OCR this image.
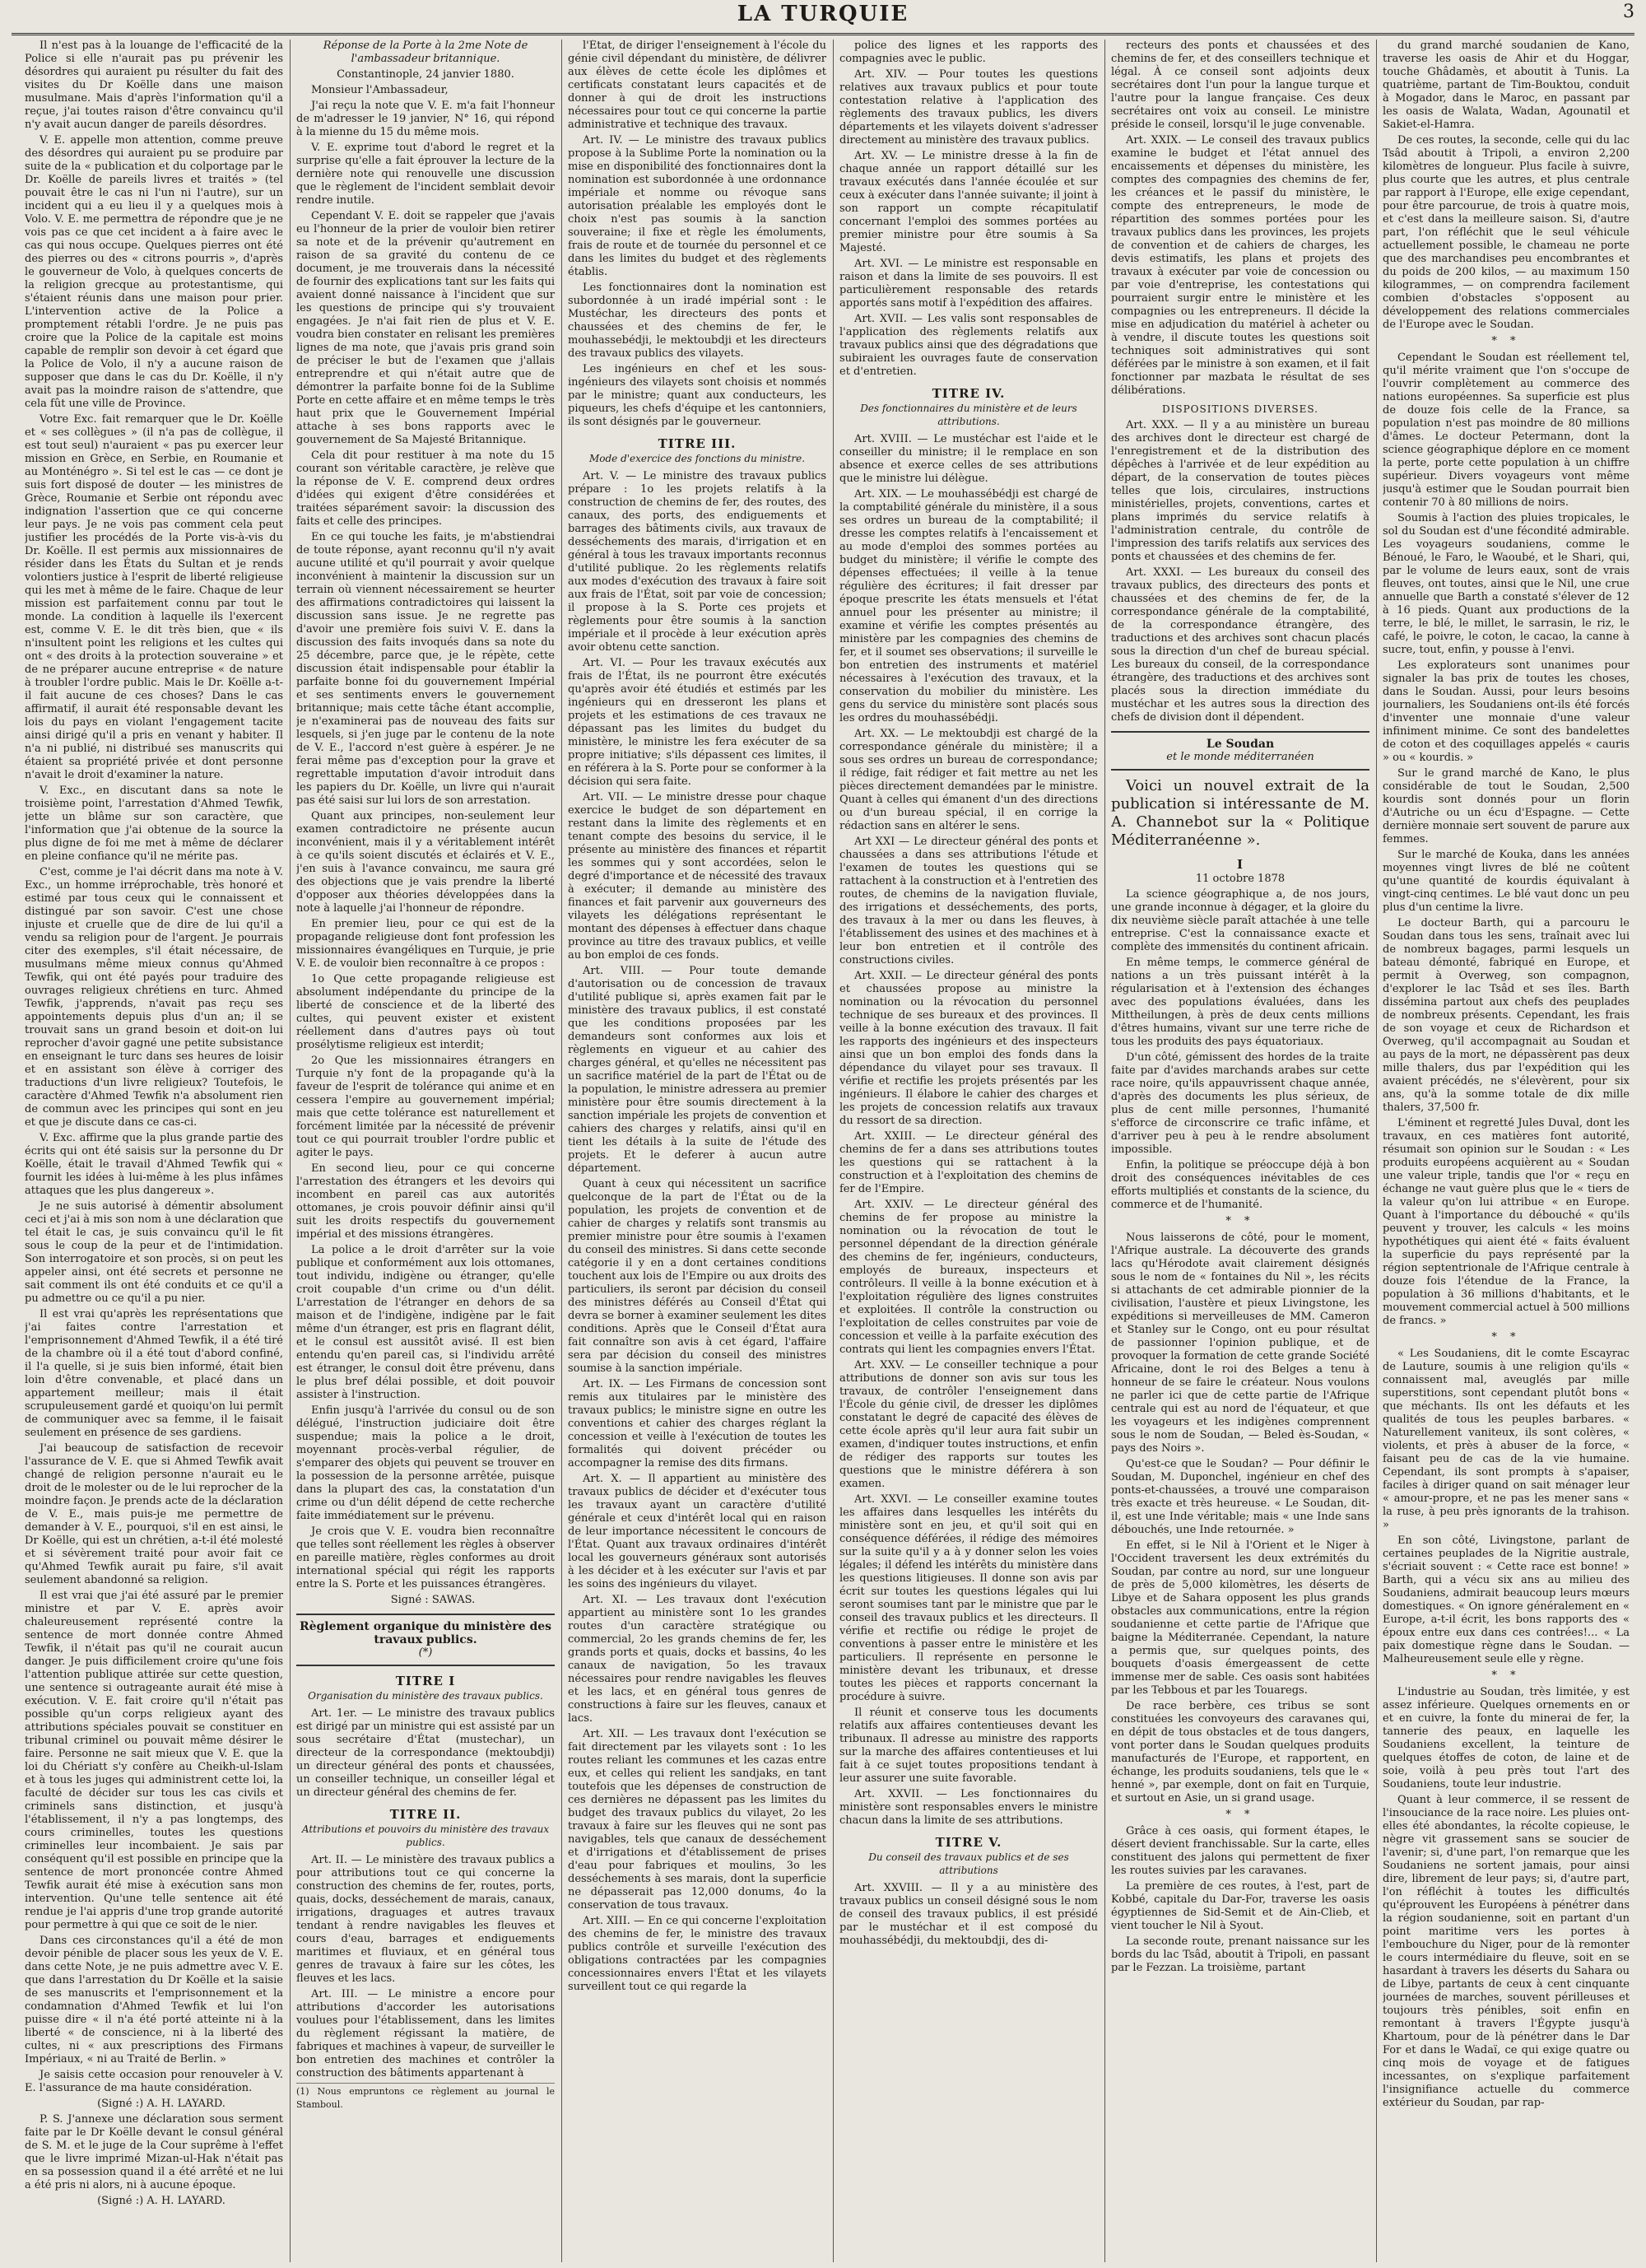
LA TURQUIE	3

Il n'est pas à la louange de l'efficacité de la Police si elle n'aurait pas pu prévenir les désordres qui auraient pu résulter du fait des visites du Dr Koëlle dans une maison musulmane. Mais d'après l'information qu'il a reçue, j'ai toutes raison d'être convaincu qu'il n'y avait aucun danger de pareils désordres.

V. E. appelle mon attention, comme preuve des désordres qui auraient pu se produire par suite de la « publication et du colportage par le Dr. Koëlle de pareils livres et traités » (tel pouvait être le cas ni l'un ni l'autre), sur un incident qui a eu lieu il y a quelques mois à Volo. V. E. me permettra de répondre que je ne vois pas ce que cet incident a à faire avec le cas qui nous occupe. Quelques pierres ont été des pierres ou des « citrons pourris », d'après le gouverneur de Volo, à quelques concerts de la religion grecque au protestantisme, qui s'étaient réunis dans une maison pour prier. L'intervention active de la Police a promptement rétabli l'ordre. Je ne puis pas croire que la Police de la capitale est moins capable de remplir son devoir à cet égard que la Police de Volo, il n'y a aucune raison de supposer que dans le cas du Dr. Koëlle, il n'y avait pas la moindre raison de s'attendre, que cela fût une ville de Province.

Votre Exc. fait remarquer que le Dr. Koëlle et « ses collègues » (il n'a pas de collègue, il est tout seul) n'auraient « pas pu exercer leur mission en Grèce, en Serbie, en Roumanie et au Monténégro ». Si tel est le cas — ce dont je suis fort disposé de douter — les ministres de Grèce, Roumanie et Serbie ont répondu avec indignation l'assertion que ce qui concerne leur pays. Je ne vois pas comment cela peut justifier les procédés de la Porte vis-à-vis du Dr. Koëlle. Il est permis aux missionnaires de résider dans les États du Sultan et je rends volontiers justice à l'esprit de liberté religieuse qui les met à même de le faire. Chaque de leur mission est parfaitement connu par tout le monde. La condition à laquelle ils l'exercent est, comme V. E. le dit très bien, que « ils n'insultent point les religions et les cultes qui ont « des droits à la protection souveraine » et de ne préparer aucune entreprise « de nature à troubler l'ordre public. Mais le Dr. Koëlle a-t-il fait aucune de ces choses? Dans le cas affirmatif, il aurait été responsable devant les lois du pays en violant l'engagement tacite ainsi dirigé qu'il a pris en venant y habiter. Il n'a ni publié, ni distribué ses manuscrits qui étaient sa propriété privée et dont personne n'avait le droit d'examiner la nature.

V. Exc., en discutant dans sa note le troisième point, l'arrestation d'Ahmed Tewfik, jette un blâme sur son caractère, que l'information que j'ai obtenue de la source la plus digne de foi me met à même de déclarer en pleine confiance qu'il ne mérite pas.

C'est, comme je l'ai décrit dans ma note à V. Exc., un homme irréprochable, très honoré et estimé par tous ceux qui le connaissent et distingué par son savoir. C'est une chose injuste et cruelle que de dire de lui qu'il a vendu sa religion pour de l'argent. Je pourrais citer des exemples, s'il était nécessaire, de musulmans même mieux connus qu'Ahmed Tewfik, qui ont été payés pour traduire des ouvrages religieux chrétiens en turc. Ahmed Tewfik, j'apprends, n'avait pas reçu ses appointements depuis plus d'un an; il se trouvait sans un grand besoin et doit-on lui reprocher d'avoir gagné une petite subsistance en enseignant le turc dans ses heures de loisir et en assistant son élève à corriger des traductions d'un livre religieux? Toutefois, le caractère d'Ahmed Tewfik n'a absolument rien de commun avec les principes qui sont en jeu et que je discute dans ce cas-ci.

V. Exc. affirme que la plus grande partie des écrits qui ont été saisis sur la personne du Dr Koëlle, était le travail d'Ahmed Tewfik qui « fournit les idées à lui-même à les plus infâmes attaques que les plus dangereux ».

Je ne suis autorisé à démentir absolument ceci et j'ai à mis son nom à une déclaration que tel était le cas, je suis convaincu qu'il le fit sous le coup de la peur et de l'intimidation. Son interrogatoire et son procès, si on peut les appeler ainsi, ont été secrets et personne ne sait comment ils ont été conduits et ce qu'il a pu admettre ou ce qu'il a pu nier.

Il est vrai qu'après les représentations que j'ai faites contre l'arrestation et l'emprisonnement d'Ahmed Tewfik, il a été tiré de la chambre où il a été tout d'abord confiné, il l'a quelle, si je suis bien informé, était bien loin d'être convenable, et placé dans un appartement meilleur; mais il était scrupuleusement gardé et quoiqu'on lui permît de communiquer avec sa femme, il le faisait seulement en présence de ses gardiens.

J'ai beaucoup de satisfaction de recevoir l'assurance de V. E. que si Ahmed Tewfik avait changé de religion personne n'aurait eu le droit de le molester ou de le lui reprocher de la moindre façon. Je prends acte de la déclaration de V. E., mais puis-je me permettre de demander à V. E., pourquoi, s'il en est ainsi, le Dr Koëlle, qui est un chrétien, a-t-il été molesté et si sévèrement traité pour avoir fait ce qu'Ahmed Tewfik aurait pu faire, s'il avait seulement abandonné sa religion.

Il est vrai que j'ai été assuré par le premier ministre et par V. E. après avoir chaleureusement représenté contre la sentence de mort donnée contre Ahmed Tewfik, il n'était pas qu'il ne courait aucun danger. Je puis difficilement croire qu'une fois l'attention publique attirée sur cette question, une sentence si outrageante aurait été mise à exécution. V. E. fait croire qu'il n'était pas possible qu'un corps religieux ayant des attributions spéciales pouvait se constituer en tribunal criminel ou pouvait même désirer le faire. Personne ne sait mieux que V. E. que la loi du Chériatt s'y confère au Cheikh-ul-Islam et à tous les juges qui administrent cette loi, la faculté de décider sur tous les cas civils et criminels sans distinction, et jusqu'à l'établissement, il n'y a pas longtemps, des cours criminelles, toutes les questions criminelles leur incombaient. Je sais par conséquent qu'il est possible en principe que la sentence de mort prononcée contre Ahmed Tewfik aurait été mise à exécution sans mon intervention. Qu'une telle sentence ait été rendue je l'ai appris d'une trop grande autorité pour permettre à qui que ce soit de le nier.

Dans ces circonstances qu'il a été de mon devoir pénible de placer sous les yeux de V. E. dans cette Note, je ne puis admettre avec V. E. que dans l'arrestation du Dr Koëlle et la saisie de ses manuscrits et l'emprisonnement et la condamnation d'Ahmed Tewfik et lui l'on puisse dire « il n'a été porté atteinte ni à la liberté « de conscience, ni à la liberté des cultes, ni « aux prescriptions des Firmans Impériaux, « ni au Traité de Berlin. »

Je saisis cette occasion pour renouveler à V. E. l'assurance de ma haute considération.

(Signé :) A. H. LAYARD.

P. S. J'annexe une déclaration sous serment faite par le Dr Koëlle devant le consul général de S. M. et le juge de la Cour suprême à l'effet que le livre imprimé Mizan-ul-Hak n'était pas en sa possession quand il a été arrêté et ne lui a été pris ni alors, ni à aucune époque.

(Signé :) A. H. LAYARD.

Réponse de la Porte à la 2me Note de l'ambassadeur britannique.

Constantinople, 24 janvier 1880.

Monsieur l'Ambassadeur,

J'ai reçu la note que V. E. m'a fait l'honneur de m'adresser le 19 janvier, N° 16, qui répond à la mienne du 15 du même mois.

V. E. exprime tout d'abord le regret et la surprise qu'elle a fait éprouver la lecture de la dernière note qui renouvelle une discussion que le règlement de l'incident semblait devoir rendre inutile.

Cependant V. E. doit se rappeler que j'avais eu l'honneur de la prier de vouloir bien retirer sa note et de la prévenir qu'autrement en raison de sa gravité du contenu de ce document, je me trouverais dans la nécessité de fournir des explications tant sur les faits qui avaient donné naissance à l'incident que sur les questions de principe qui s'y trouvaient engagées. Je n'ai fait rien de plus et V. E. voudra bien constater en relisant les premières lignes de ma note, que j'avais pris grand soin de préciser le but de l'examen que j'allais entreprendre et qui n'était autre que de démontrer la parfaite bonne foi de la Sublime Porte en cette affaire et en même temps le très haut prix que le Gouvernement Impérial attache à ses bons rapports avec le gouvernement de Sa Majesté Britannique.

Cela dit pour restituer à ma note du 15 courant son véritable caractère, je relève que la réponse de V. E. comprend deux ordres d'idées qui exigent d'être considérées et traitées séparément savoir: la discussion des faits et celle des principes.

En ce qui touche les faits, je m'abstiendrai de toute réponse, ayant reconnu qu'il n'y avait aucune utilité et qu'il pourrait y avoir quelque inconvénient à maintenir la discussion sur un terrain où viennent nécessairement se heurter des affirmations contradictoires qui laissent la discussion sans issue. Je ne regrette pas d'avoir une première fois suivi V. E. dans la discussion des faits invoqués dans sa note du 25 décembre, parce que, je le répète, cette discussion était indispensable pour établir la parfaite bonne foi du gouvernement Impérial et ses sentiments envers le gouvernement britannique; mais cette tâche étant accomplie, je n'examinerai pas de nouveau des faits sur lesquels, si j'en juge par le contenu de la note de V. E., l'accord n'est guère à espérer. Je ne ferai même pas d'exception pour la grave et regrettable imputation d'avoir introduit dans les papiers du Dr. Koëlle, un livre qui n'aurait pas été saisi sur lui lors de son arrestation.

Quant aux principes, non-seulement leur examen contradictoire ne présente aucun inconvénient, mais il y a véritablement intérêt à ce qu'ils soient discutés et éclairés et V. E., j'en suis à l'avance convaincu, me saura gré des objections que je vais prendre la liberté d'opposer aux théories développées dans la note à laquelle j'ai l'honneur de répondre.

En premier lieu, pour ce qui est de la propagande religieuse dont font profession les missionnaires évangéliques en Turquie, je prie V. E. de vouloir bien reconnaître à ce propos :

1o Que cette propagande religieuse est absolument indépendante du principe de la liberté de conscience et de la liberté des cultes, qui peuvent exister et existent réellement dans d'autres pays où tout prosélytisme religieux est interdit;

2o Que les missionnaires étrangers en Turquie n'y font de la propagande qu'à la faveur de l'esprit de tolérance qui anime et en cessera l'empire au gouvernement impérial; mais que cette tolérance est naturellement et forcément limitée par la nécessité de prévenir tout ce qui pourrait troubler l'ordre public et agiter le pays.

En second lieu, pour ce qui concerne l'arrestation des étrangers et les devoirs qui incombent en pareil cas aux autorités ottomanes, je crois pouvoir définir ainsi qu'il suit les droits respectifs du gouvernement impérial et des missions étrangères.

La police a le droit d'arrêter sur la voie publique et conformément aux lois ottomanes, tout individu, indigène ou étranger, qu'elle croit coupable d'un crime ou d'un délit. L'arrestation de l'étranger en dehors de sa maison et de l'indigène, indigène par le fait même d'un étranger, est pris en flagrant délit, et le consul est aussitôt avisé. Il est bien entendu qu'en pareil cas, si l'individu arrêté est étranger, le consul doit être prévenu, dans le plus bref délai possible, et doit pouvoir assister à l'instruction.

Enfin jusqu'à l'arrivée du consul ou de son délégué, l'instruction judiciaire doit être suspendue; mais la police a le droit, moyennant procès-verbal régulier, de s'emparer des objets qui peuvent se trouver en la possession de la personne arrêtée, puisque dans la plupart des cas, la constatation d'un crime ou d'un délit dépend de cette recherche faite immédiatement sur le prévenu.

Je crois que V. E. voudra bien reconnaître que telles sont réellement les règles à observer en pareille matière, règles conformes au droit international spécial qui régit les rapports entre la S. Porte et les puissances étrangères.

Signé : SAWAS.

Règlement organique du ministère des travaux publics.
(*)
TITRE I
Organisation du ministère des travaux publics.

Art. 1er. — Le ministre des travaux publics est dirigé par un ministre qui est assisté par un sous secrétaire d'État (mustechar), un directeur de la correspondance (mektoubdji) un directeur général des ponts et chaussées, un conseiller technique, un conseiller légal et un directeur général des chemins de fer.

TITRE II.
Attributions et pouvoirs du ministère des travaux publics.

Art. II. — Le ministère des travaux publics a pour attributions tout ce qui concerne la construction des chemins de fer, routes, ports, quais, docks, desséchement de marais, canaux, irrigations, draguages et autres travaux tendant à rendre navigables les fleuves et cours d'eau, barrages et endiguements maritimes et fluviaux, et en général tous genres de travaux à faire sur les côtes, les fleuves et les lacs.

Art. III. — Le ministre a encore pour attributions d'accorder les autorisations voulues pour l'établissement, dans les limites du règlement régissant la matière, de fabriques et machines à vapeur, de surveiller le bon entretien des machines et contrôler la construction des bâtiments appartenant à

(1) Nous empruntons ce règlement au journal le Stamboul.

l'État, de diriger l'enseignement à l'école du génie civil dépendant du ministère, de délivrer aux élèves de cette école les diplômes et certificats constatant leurs capacités et de donner à qui de droit les instructions nécessaires pour tout ce qui concerne la partie administrative et technique des travaux.

Art. IV. — Le ministre des travaux publics propose à la Sublime Porte la nomination ou la mise en disponibilité des fonctionnaires dont la nomination est subordonnée à une ordonnance impériale et nomme ou révoque sans autorisation préalable les employés dont le choix n'est pas soumis à la sanction souveraine; il fixe et règle les émoluments, frais de route et de tournée du personnel et ce dans les limites du budget et des règlements établis.

Les fonctionnaires dont la nomination est subordonnée à un iradé impérial sont : le Mustéchar, les directeurs des ponts et chaussées et des chemins de fer, le mouhassebédji, le mektoubdji et les directeurs des travaux publics des vilayets.

Les ingénieurs en chef et les sous-ingénieurs des vilayets sont choisis et nommés par le ministre; quant aux conducteurs, les piqueurs, les chefs d'équipe et les cantonniers, ils sont désignés par le gouverneur.

TITRE III.
Mode d'exercice des fonctions du ministre.

Art. V. — Le ministre des travaux publics prépare : 1o les projets relatifs à la construction de chemins de fer, des routes, des canaux, des ports, des endiguements et barrages des bâtiments civils, aux travaux de desséchements des marais, d'irrigation et en général à tous les travaux importants reconnus d'utilité publique. 2o les règlements relatifs aux modes d'exécution des travaux à faire soit aux frais de l'État, soit par voie de concession; il propose à la S. Porte ces projets et règlements pour être soumis à la sanction impériale et il procède à leur exécution après avoir obtenu cette sanction.

Art. VI. — Pour les travaux exécutés aux frais de l'État, ils ne pourront être exécutés qu'après avoir été étudiés et estimés par les ingénieurs qui en dresseront les plans et projets et les estimations de ces travaux ne dépassant pas les limites du budget du ministère, le ministre les fera exécuter de sa propre initiative; s'ils dépassent ces limites, il en référera à la S. Porte pour se conformer à la décision qui sera faite.

Art. VII. — Le ministre dresse pour chaque exercice le budget de son département en restant dans la limite des règlements et en tenant compte des besoins du service, il le présente au ministère des finances et répartit les sommes qui y sont accordées, selon le degré d'importance et de nécessité des travaux à exécuter; il demande au ministère des finances et fait parvenir aux gouverneurs des vilayets les délégations représentant le montant des dépenses à effectuer dans chaque province au titre des travaux publics, et veille au bon emploi de ces fonds.

Art. VIII. — Pour toute demande d'autorisation ou de concession de travaux d'utilité publique si, après examen fait par le ministère des travaux publics, il est constaté que les conditions proposées par les demandeurs sont conformes aux lois et règlements en vigueur et au cahier des charges général, et qu'elles ne nécessitent pas un sacrifice matériel de la part de l'État ou de la population, le ministre adressera au premier ministère pour être soumis directement à la sanction impériale les projets de convention et cahiers des charges y relatifs, ainsi qu'il en tient les détails à la suite de l'étude des projets. Et le deferer à aucun autre département.

Quant à ceux qui nécessitent un sacrifice quelconque de la part de l'État ou de la population, les projets de convention et de cahier de charges y relatifs sont transmis au premier ministre pour être soumis à l'examen du conseil des ministres. Si dans cette seconde catégorie il y en a dont certaines conditions touchent aux lois de l'Empire ou aux droits des particuliers, ils seront par décision du conseil des ministres déférés au Conseil d'État qui devra se borner à examiner seulement les dites conditions. Après que le Conseil d'État aura fait connaître son avis à cet égard, l'affaire sera par décision du conseil des ministres soumise à la sanction impériale.

Art. IX. — Les Firmans de concession sont remis aux titulaires par le ministère des travaux publics; le ministre signe en outre les conventions et cahier des charges réglant la concession et veille à l'exécution de toutes les formalités qui doivent précéder ou accompagner la remise des dits firmans.

Art. X. — Il appartient au ministère des travaux publics de décider et d'exécuter tous les travaux ayant un caractère d'utilité générale et ceux d'intérêt local qui en raison de leur importance nécessitent le concours de l'État. Quant aux travaux ordinaires d'intérêt local les gouverneurs généraux sont autorisés à les décider et à les exécuter sur l'avis et par les soins des ingénieurs du vilayet.

Art. XI. — Les travaux dont l'exécution appartient au ministère sont 1o les grandes routes d'un caractère stratégique ou commercial, 2o les grands chemins de fer, les grands ports et quais, docks et bassins, 4o les canaux de navigation, 5o les travaux nécessaires pour rendre navigables les fleuves et les lacs, et en général tous genres de constructions à faire sur les fleuves, canaux et lacs.

Art. XII. — Les travaux dont l'exécution se fait directement par les vilayets sont : 1o les routes reliant les communes et les cazas entre eux, et celles qui relient les sandjaks, en tant toutefois que les dépenses de construction de ces dernières ne dépassent pas les limites du budget des travaux publics du vilayet, 2o les travaux à faire sur les fleuves qui ne sont pas navigables, tels que canaux de desséchement et d'irrigations et d'établissement de prises d'eau pour fabriques et moulins, 3o les desséchements à ses marais, dont la superficie ne dépasserait pas 12,000 donums, 4o la conservation de tous travaux.

Art. XIII. — En ce qui concerne l'exploitation des chemins de fer, le ministre des travaux publics contrôle et surveille l'exécution des obligations contractées par les compagnies concessionnaires envers l'État et les vilayets surveillent tout ce qui regarde la

police des lignes et les rapports des compagnies avec le public.

Art. XIV. — Pour toutes les questions relatives aux travaux publics et pour toute contestation relative à l'application des règlements des travaux publics, les divers départements et les vilayets doivent s'adresser directement au ministère des travaux publics.

Art. XV. — Le ministre dresse à la fin de chaque année un rapport détaillé sur les travaux exécutés dans l'année écoulée et sur ceux à exécuter dans l'année suivante; il joint à son rapport un compte récapitulatif concernant l'emploi des sommes portées au premier ministre pour être soumis à Sa Majesté.

Art. XVI. — Le ministre est responsable en raison et dans la limite de ses pouvoirs. Il est particulièrement responsable des retards apportés sans motif à l'expédition des affaires.

Art. XVII. — Les valis sont responsables de l'application des règlements relatifs aux travaux publics ainsi que des dégradations que subiraient les ouvrages faute de conservation et d'entretien.

TITRE IV.
Des fonctionnaires du ministère et de leurs attributions.

Art. XVIII. — Le mustéchar est l'aide et le conseiller du ministre; il le remplace en son absence et exerce celles de ses attributions que le ministre lui délègue.

Art. XIX. — Le mouhassébédji est chargé de la comptabilité générale du ministère, il a sous ses ordres un bureau de la comptabilité; il dresse les comptes relatifs à l'encaissement et au mode d'emploi des sommes portées au budget du ministère; il vérifie le compte des dépenses effectuées; il veille à la tenue régulière des écritures; il fait dresser par époque prescrite les états mensuels et l'état annuel pour les présenter au ministre; il examine et vérifie les comptes présentés au ministère par les compagnies des chemins de fer, et il soumet ses observations; il surveille le bon entretien des instruments et matériel nécessaires à l'exécution des travaux, et la conservation du mobilier du ministère. Les gens du service du ministère sont placés sous les ordres du mouhassébédji.

Art. XX. — Le mektoubdji est chargé de la correspondance générale du ministère; il a sous ses ordres un bureau de correspondance; il rédige, fait rédiger et fait mettre au net les pièces directement demandées par le ministre. Quant à celles qui émanent d'un des directions ou d'un bureau spécial, il en corrige la rédaction sans en altérer le sens.

Art XXI — Le directeur général des ponts et chaussées a dans ses attributions l'étude et l'examen de toutes les questions qui se rattachent à la construction et à l'entretien des routes, de chemins de la navigation fluviale, des irrigations et desséchements, des ports, des travaux à la mer ou dans les fleuves, à l'établissement des usines et des machines et à leur bon entretien et il contrôle des constructions civiles.

Art. XXII. — Le directeur général des ponts et chaussées propose au ministre la nomination ou la révocation du personnel technique de ses bureaux et des provinces. Il veille à la bonne exécution des travaux. Il fait les rapports des ingénieurs et des inspecteurs ainsi que un bon emploi des fonds dans la dépendance du vilayet pour ses travaux. Il vérifie et rectifie les projets présentés par les ingénieurs. Il élabore le cahier des charges et les projets de concession relatifs aux travaux du ressort de sa direction.

Art. XXIII. — Le directeur général des chemins de fer a dans ses attributions toutes les questions qui se rattachent à la construction et à l'exploitation des chemins de fer de l'Empire.

Art. XXIV. — Le directeur général des chemins de fer propose au ministre la nomination ou la révocation de tout le personnel dépendant de la direction générale des chemins de fer, ingénieurs, conducteurs, employés de bureaux, inspecteurs et contrôleurs. Il veille à la bonne exécution et à l'exploitation régulière des lignes construites et exploitées. Il contrôle la construction ou l'exploitation de celles construites par voie de concession et veille à la parfaite exécution des contrats qui lient les compagnies envers l'État.

Art. XXV. — Le conseiller technique a pour attributions de donner son avis sur tous les travaux, de contrôler l'enseignement dans l'École du génie civil, de dresser les diplômes constatant le degré de capacité des élèves de cette école après qu'il leur aura fait subir un examen, d'indiquer toutes instructions, et enfin de rédiger des rapports sur toutes les questions que le ministre déférera à son examen.

Art. XXVI. — Le conseiller examine toutes les affaires dans lesquelles les intérêts du ministère sont en jeu, et qu'il soit qui en conséquence déférées, il rédige des mémoires sur la suite qu'il y a à y donner selon les voies légales; il défend les intérêts du ministère dans les questions litigieuses. Il donne son avis par écrit sur toutes les questions légales qui lui seront soumises tant par le ministre que par le conseil des travaux publics et les directeurs. Il vérifie et rectifie ou rédige le projet de conventions à passer entre le ministère et les particuliers. Il représente en personne le ministère devant les tribunaux, et dresse toutes les pièces et rapports concernant la procédure à suivre.

Il réunit et conserve tous les documents relatifs aux affaires contentieuses devant les tribunaux. Il adresse au ministre des rapports sur la marche des affaires contentieuses et lui fait à ce sujet toutes propositions tendant à leur assurer une suite favorable.

Art. XXVII. — Les fonctionnaires du ministère sont responsables envers le ministre chacun dans la limite de ses attributions.

TITRE V.
Du conseil des travaux publics et de ses attributions

Art. XXVIII. — Il y a au ministère des travaux publics un conseil désigné sous le nom de conseil des travaux publics, il est présidé par le mustéchar et il est composé du mouhassébédji, du mektoubdji, des di-

recteurs des ponts et chaussées et des chemins de fer, et des conseillers technique et légal. À ce conseil sont adjoints deux secrétaires dont l'un pour la langue turque et l'autre pour la langue française. Ces deux secrétaires ont voix au conseil. Le ministre préside le conseil, lorsqu'il le juge convenable.

Art. XXIX. — Le conseil des travaux publics examine le budget et l'état annuel des encaissements et dépenses du ministère, les comptes des compagnies des chemins de fer, les créances et le passif du ministère, le compte des entrepreneurs, le mode de répartition des sommes portées pour les travaux publics dans les provinces, les projets de convention et de cahiers de charges, les devis estimatifs, les plans et projets des travaux à exécuter par voie de concession ou par voie d'entreprise, les contestations qui pourraient surgir entre le ministère et les compagnies ou les entrepreneurs. Il décide la mise en adjudication du matériel à acheter ou à vendre, il discute toutes les questions soit techniques soit administratives qui sont déférées par le ministre à son examen, et il fait fonctionner par mazbata le résultat de ses délibérations.

DISPOSITIONS DIVERSES.

Art. XXX. — Il y a au ministère un bureau des archives dont le directeur est chargé de l'enregistrement et de la distribution des dépêches à l'arrivée et de leur expédition au départ, de la conservation de toutes pièces telles que lois, circulaires, instructions ministérielles, projets, conventions, cartes et plans imprimés du service relatifs à l'administration centrale, du contrôle de l'impression des tarifs relatifs aux services des ponts et chaussées et des chemins de fer.

Art. XXXI. — Les bureaux du conseil des travaux publics, des directeurs des ponts et chaussées et des chemins de fer, de la correspondance générale de la comptabilité, de la correspondance étrangère, des traductions et des archives sont chacun placés sous la direction d'un chef de bureau spécial. Les bureaux du conseil, de la correspondance étrangère, des traductions et des archives sont placés sous la direction immédiate du mustéchar et les autres sous la direction des chefs de division dont il dépendent.

Le Soudan
et le monde méditerranéen

Voici un nouvel extrait de la publication si intéressante de M. A. Channebot sur la « Politique Méditerranéenne ».

I

11 octobre 1878

La science géographique a, de nos jours, une grande inconnue à dégager, et la gloire du dix neuvième siècle paraît attachée à une telle entreprise. C'est la connaissance exacte et complète des immensités du continent africain.

En même temps, le commerce général de nations a un très puissant intérêt à la régularisation et à l'extension des échanges avec des populations évaluées, dans les Mittheilungen, à près de deux cents millions d'êtres humains, vivant sur une terre riche de tous les produits des pays équatoriaux.

D'un côté, gémissent des hordes de la traite faite par d'avides marchands arabes sur cette race noire, qu'ils appauvrissent chaque année, d'après des documents les plus sérieux, de plus de cent mille personnes, l'humanité s'efforce de circonscrire ce trafic infâme, et d'arriver peu à peu à le rendre absolument impossible.

Enfin, la politique se préoccupe déjà à bon droit des conséquences inévitables de ces efforts multipliés et constants de la science, du commerce et de l'humanité.

* *

Nous laisserons de côté, pour le moment, l'Afrique australe. La découverte des grands lacs qu'Hérodote avait clairement désignés sous le nom de « fontaines du Nil », les récits si attachants de cet admirable pionnier de la civilisation, l'austère et pieux Livingstone, les expéditions si merveilleuses de MM. Cameron et Stanley sur le Congo, ont eu pour résultat de passionner l'opinion publique, et de provoquer la formation de cette grande Société Africaine, dont le roi des Belges a tenu à honneur de se faire le créateur. Nous voulons ne parler ici que de cette partie de l'Afrique centrale qui est au nord de l'équateur, et que les voyageurs et les indigènes comprennent sous le nom de Soudan, — Beled ès-Soudan, « pays des Noirs ».

Qu'est-ce que le Soudan? — Pour définir le Soudan, M. Duponchel, ingénieur en chef des ponts-et-chaussées, a trouvé une comparaison très exacte et très heureuse. « Le Soudan, dit-il, est une Inde véritable; mais « une Inde sans débouchés, une Inde retournée. »

En effet, si le Nil à l'Orient et le Niger à l'Occident traversent les deux extrémités du Soudan, par contre au nord, sur une longueur de près de 5,000 kilomètres, les déserts de Libye et de Sahara opposent les plus grands obstacles aux communications, entre la région soudanienne et cette partie de l'Afrique que baigne la Méditerranée. Cependant, la nature a permis que, sur quelques points, des bouquets d'oasis émergeassent de cette immense mer de sable. Ces oasis sont habitées par les Tebbous et par les Touaregs.

De race berbère, ces tribus se sont constituées les convoyeurs des caravanes qui, en dépit de tous obstacles et de tous dangers, vont porter dans le Soudan quelques produits manufacturés de l'Europe, et rapportent, en échange, les produits soudaniens, tels que le « henné », par exemple, dont on fait en Turquie, et surtout en Asie, un si grand usage.

* *

Grâce à ces oasis, qui forment étapes, le désert devient franchissable. Sur la carte, elles constituent des jalons qui permettent de fixer les routes suivies par les caravanes.

La première de ces routes, à l'est, part de Kobbé, capitale du Dar-For, traverse les oasis égyptiennes de Sid-Semit et de Ain-Clieb, et vient toucher le Nil à Syout.

La seconde route, prenant naissance sur les bords du lac Tsâd, aboutit à Tripoli, en passant par le Fezzan. La troisième, partant

du grand marché soudanien de Kano, traverse les oasis de Ahir et du Hoggar, touche Ghâdamès, et aboutit à Tunis. La quatrième, partant de Tim-Bouktou, conduit à Mogador, dans le Maroc, en passant par les oasis de Walata, Wadan, Agounatil et Sakiet-el-Hamra.

De ces routes, la seconde, celle qui du lac Tsâd aboutit à Tripoli, a environ 2,200 kilomètres de longueur. Plus facile à suivre, plus courte que les autres, et plus centrale par rapport à l'Europe, elle exige cependant, pour être parcourue, de trois à quatre mois, et c'est dans la meilleure saison. Si, d'autre part, l'on réfléchit que le seul véhicule actuellement possible, le chameau ne porte que des marchandises peu encombrantes et du poids de 200 kilos, — au maximum 150 kilogrammes, — on comprendra facilement combien d'obstacles s'opposent au développement des relations commerciales de l'Europe avec le Soudan.

* *

Cependant le Soudan est réellement tel, qu'il mérite vraiment que l'on s'occupe de l'ouvrir complètement au commerce des nations européennes. Sa superficie est plus de douze fois celle de la France, sa population n'est pas moindre de 80 millions d'âmes. Le docteur Petermann, dont la science géographique déplore en ce moment la perte, porte cette population à un chiffre supérieur. Divers voyageurs vont même jusqu'à estimer que le Soudan pourrait bien contenir 70 à 80 millions de noirs.

Soumis à l'action des pluies tropicales, le sol du Soudan est d'une fécondité admirable. Les voyageurs soudaniens, comme le Bénoué, le Faro, le Waoubé, et le Shari, qui, par le volume de leurs eaux, sont de vrais fleuves, ont toutes, ainsi que le Nil, une crue annuelle que Barth a constaté s'élever de 12 à 16 pieds. Quant aux productions de la terre, le blé, le millet, le sarrasin, le riz, le café, le poivre, le coton, le cacao, la canne à sucre, tout, enfin, y pousse à l'envi.

Les explorateurs sont unanimes pour signaler la bas prix de toutes les choses, dans le Soudan. Aussi, pour leurs besoins journaliers, les Soudaniens ont-ils été forcés d'inventer une monnaie d'une valeur infiniment minime. Ce sont des bandelettes de coton et des coquillages appelés « cauris » ou « kourdis. »

Sur le grand marché de Kano, le plus considérable de tout le Soudan, 2,500 kourdis sont donnés pour un florin d'Autriche ou un écu d'Espagne. — Cette dernière monnaie sert souvent de parure aux femmes.

Sur le marché de Kouka, dans les années moyennes vingt livres de blé ne coûtent qu'une quantité de kourdis équivalant à vingt-cinq centimes. Le blé vaut donc un peu plus d'un centime la livre.

Le docteur Barth, qui a parcouru le Soudan dans tous les sens, traînait avec lui de nombreux bagages, parmi lesquels un bateau démonté, fabriqué en Europe, et permit à Overweg, son compagnon, d'explorer le lac Tsâd et ses îles. Barth dissémina partout aux chefs des peuplades de nombreux présents. Cependant, les frais de son voyage et ceux de Richardson et Overweg, qu'il accompagnait au Soudan et au pays de la mort, ne dépassèrent pas deux mille thalers, dus par l'expédition qui les avaient précédés, ne s'élevèrent, pour six ans, qu'à la somme totale de dix mille thalers, 37,500 fr.

L'éminent et regretté Jules Duval, dont les travaux, en ces matières font autorité, résumait son opinion sur le Soudan : « Les produits européens acquièrent au « Soudan une valeur triple, tandis que l'or « reçu en échange ne vaut guère plus que le « tiers de la valeur qu'on lui attribue « en Europe. Quant à l'importance du débouché « qu'ils peuvent y trouver, les calculs « les moins hypothétiques qui aient été « faits évaluent la superficie du pays représenté par la région septentrionale de l'Afrique centrale à douze fois l'étendue de la France, la population à 36 millions d'habitants, et le mouvement commercial actuel à 500 millions de francs. »

* *

« Les Soudaniens, dit le comte Escayrac de Lauture, soumis à une religion qu'ils « connaissent mal, aveuglés par mille superstitions, sont cependant plutôt bons « que méchants. Ils ont les défauts et les qualités de tous les peuples barbares. « Naturellement vaniteux, ils sont colères, « violents, et près à abuser de la force, « faisant peu de cas de la vie humaine. Cependant, ils sont prompts à s'apaiser, faciles à diriger quand on sait ménager leur « amour-propre, et ne pas les mener sans « la ruse, à peu près ignorants de la trahison. »

En son côté, Livingstone, parlant de certaines peuplades de la Nigritie australe, s'écriait souvent : « Cette race est bonne! » Barth, qui a vécu six ans au milieu des Soudaniens, admirait beaucoup leurs mœurs domestiques. « On ignore généralement en « Europe, a-t-il écrit, les bons rapports des « époux entre eux dans ces contrées!... « La paix domestique règne dans le Soudan. — Malheureusement seule elle y règne.

* *

L'industrie au Soudan, très limitée, y est assez inférieure. Quelques ornements en or et en cuivre, la fonte du minerai de fer, la tannerie des peaux, en laquelle les Soudaniens excellent, la teinture de quelques étoffes de coton, de laine et de soie, voilà à peu près tout l'art des Soudaniens, toute leur industrie.

Quant à leur commerce, il se ressent de l'insouciance de la race noire. Les pluies ont-elles été abondantes, la récolte copieuse, le nègre vit grassement sans se soucier de l'avenir; si, d'une part, l'on remarque que les Soudaniens ne sortent jamais, pour ainsi dire, librement de leur pays; si, d'autre part, l'on réfléchit à toutes les difficultés qu'éprouvent les Européens à pénétrer dans la région soudanienne, soit en partant d'un point maritime vers les portes à l'embouchure du Niger, pour de là remonter le cours intermédiaire du fleuve, soit en se hasardant à travers les déserts du Sahara ou de Libye, partants de ceux à cent cinquante journées de marches, souvent périlleuses et toujours très pénibles, soit enfin en remontant à travers l'Égypte jusqu'à Khartoum, pour de là pénétrer dans le Dar For et dans le Wadaï, ce qui exige quatre ou cinq mois de voyage et de fatigues incessantes, on s'explique parfaitement l'insignifiance actuelle du commerce extérieur du Soudan, par rap-
